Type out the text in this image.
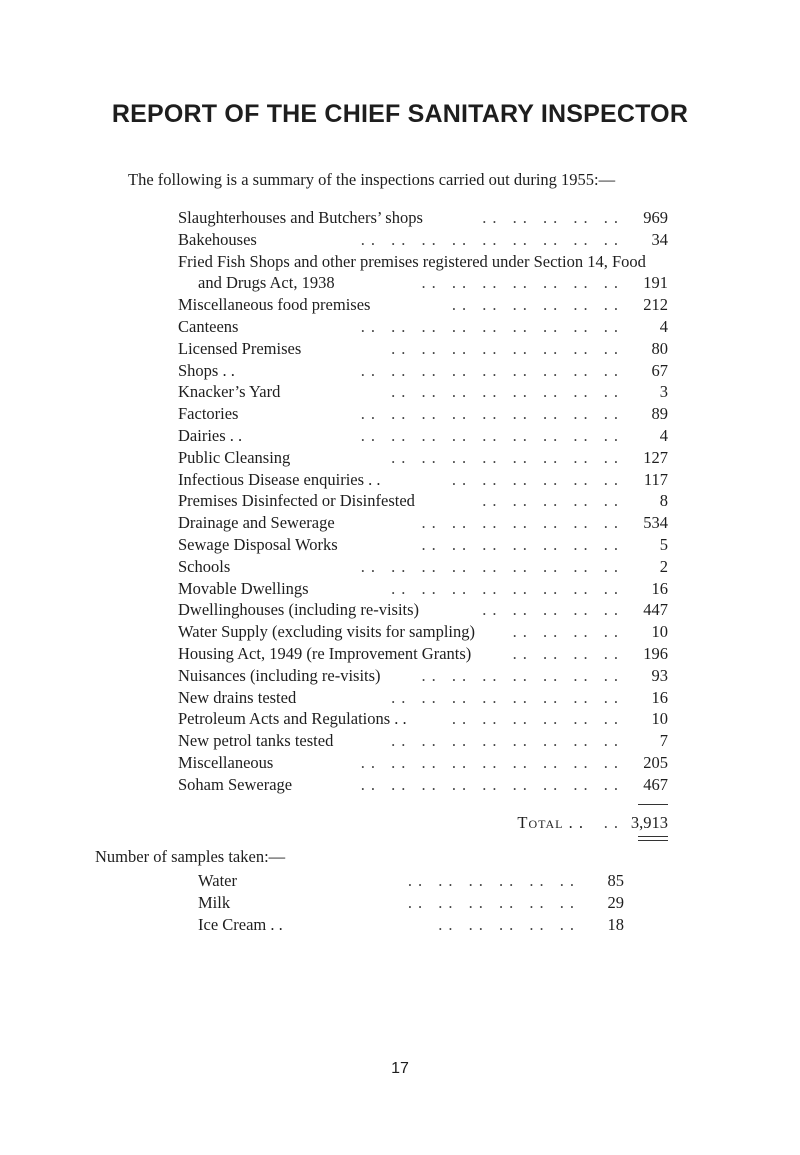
REPORT OF THE CHIEF SANITARY INSPECTOR
The following is a summary of the inspections carried out during 1955:—
Slaughterhouses and Butchers’ shops	.. .. .. .. .. 969
Bakehouses	.. .. .. .. .. .. .. .. .. 34
Fried Fish Shops and other premises registered under Section 14, Food
and Drugs Act, 1938	.. .. .. .. .. .. .. 191
Miscellaneous food premises	.. .. .. .. .. .. 212
Canteens	.. .. .. .. .. .. .. .. .. 4
Licensed Premises	.. .. .. .. .. .. .. .. 80
Shops . .	.. .. .. .. .. .. .. .. .. 67
Knacker’s Yard	.. .. .. .. .. .. .. .. 3
Factories	.. .. .. .. .. .. .. .. .. 89
Dairies . .	.. .. .. .. .. .. .. .. .. 4
Public Cleansing	.. .. .. .. .. .. .. .. 127
Infectious Disease enquiries . .	.. .. .. .. .. .. 117
Premises Disinfected or Disinfested	.. .. .. .. .. 8
Drainage and Sewerage	.. .. .. .. .. .. .. 534
Sewage Disposal Works	.. .. .. .. .. .. .. 5
Schools	.. .. .. .. .. .. .. .. .. 2
Movable Dwellings	.. .. .. .. .. .. .. .. 16
Dwellinghouses (including re-visits)	.. .. .. .. .. 447
Water Supply (excluding visits for sampling) .. .. .. .. 10
Housing Act, 1949 (re Improvement Grants)	.. .. .. .. 196
Nuisances (including re-visits) .. .. .. .. .. .. .. 93
New drains tested	.. .. .. .. .. .. .. .. 16
Petroleum Acts and Regulations . .	.. .. .. .. .. .. 10
New petrol tanks tested	.. .. .. .. .. .. .. .. 7
Miscellaneous	.. .. .. .. .. .. .. .. .. 205
Soham Sewerage	.. .. .. .. .. .. .. .. .. 467
Total . . .. 3,913
Number of samples taken:—
Water	.. .. .. .. .. .. 85
Milk	.. .. .. .. .. .. 29
Ice Cream . .	.. .. .. .. .. 18
17
